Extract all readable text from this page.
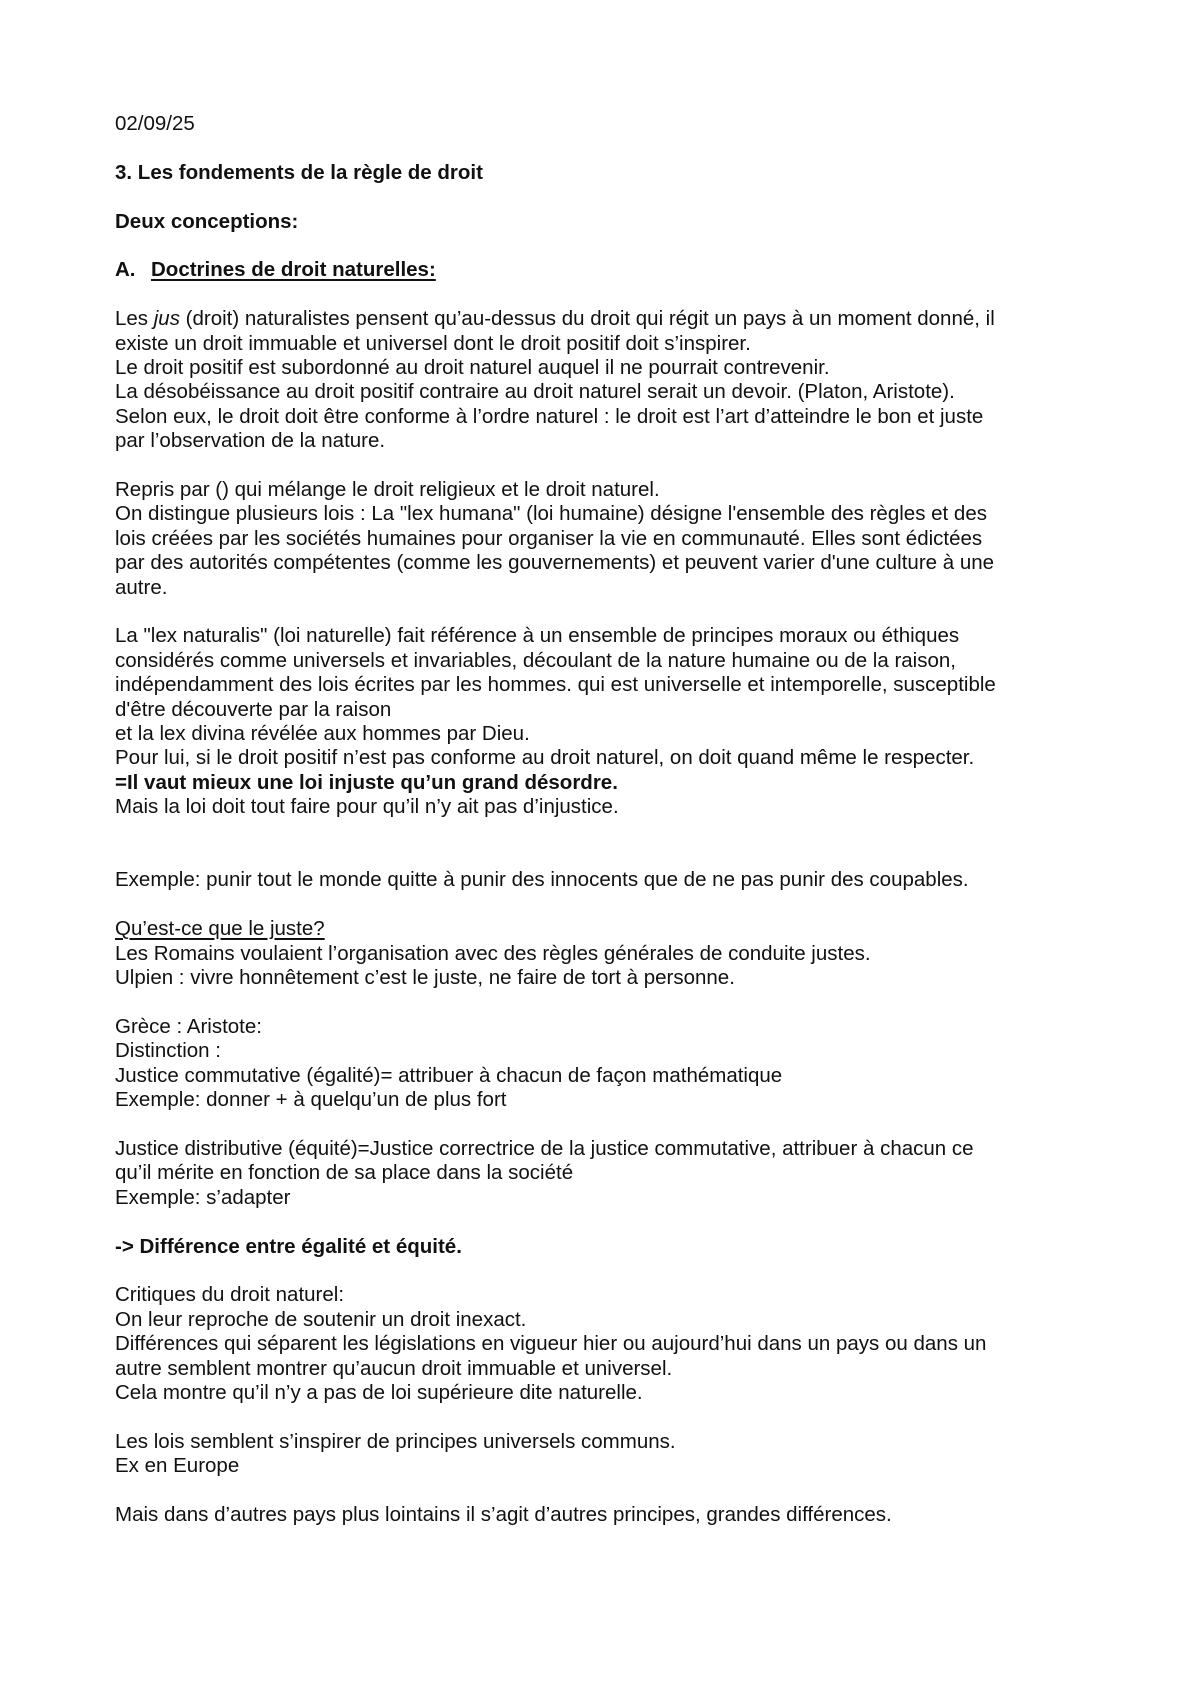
02/09/25
3. Les fondements de la règle de droit
Deux conceptions:
A. Doctrines de droit naturelles:
Les jus (droit) naturalistes pensent qu’au-dessus du droit qui régit un pays à un moment donné, il
existe un droit immuable et universel dont le droit positif doit s’inspirer.
Le droit positif est subordonné au droit naturel auquel il ne pourrait contrevenir.
La désobéissance au droit positif contraire au droit naturel serait un devoir. (Platon, Aristote).
Selon eux, le droit doit être conforme à l’ordre naturel : le droit est l’art d’atteindre le bon et juste
par l’observation de la nature.
Repris par () qui mélange le droit religieux et le droit naturel.
On distingue plusieurs lois : La "lex humana" (loi humaine) désigne l'ensemble des règles et des
lois créées par les sociétés humaines pour organiser la vie en communauté. Elles sont édictées
par des autorités compétentes (comme les gouvernements) et peuvent varier d'une culture à une
autre.
La "lex naturalis" (loi naturelle) fait référence à un ensemble de principes moraux ou éthiques
considérés comme universels et invariables, découlant de la nature humaine ou de la raison,
indépendamment des lois écrites par les hommes. qui est universelle et intemporelle, susceptible
d'être découverte par la raison
et la lex divina révélée aux hommes par Dieu.
Pour lui, si le droit positif n’est pas conforme au droit naturel, on doit quand même le respecter.
=Il vaut mieux une loi injuste qu’un grand désordre.
Mais la loi doit tout faire pour qu’il n’y ait pas d’injustice.
Exemple: punir tout le monde quitte à punir des innocents que de ne pas punir des coupables.
Qu’est-ce que le juste?
Les Romains voulaient l’organisation avec des règles générales de conduite justes.
Ulpien : vivre honnêtement c’est le juste, ne faire de tort à personne.
Grèce : Aristote:
Distinction :
Justice commutative (égalité)= attribuer à chacun de façon mathématique
Exemple: donner + à quelqu’un de plus fort
Justice distributive (équité)=Justice correctrice de la justice commutative, attribuer à chacun ce
qu’il mérite en fonction de sa place dans la société
Exemple: s’adapter
-> Différence entre égalité et équité.
Critiques du droit naturel:
On leur reproche de soutenir un droit inexact.
Différences qui séparent les législations en vigueur hier ou aujourd’hui dans un pays ou dans un
autre semblent montrer qu’aucun droit immuable et universel.
Cela montre qu’il n’y a pas de loi supérieure dite naturelle.
Les lois semblent s’inspirer de principes universels communs.
Ex en Europe
Mais dans d’autres pays plus lointains il s’agit d’autres principes, grandes différences.
